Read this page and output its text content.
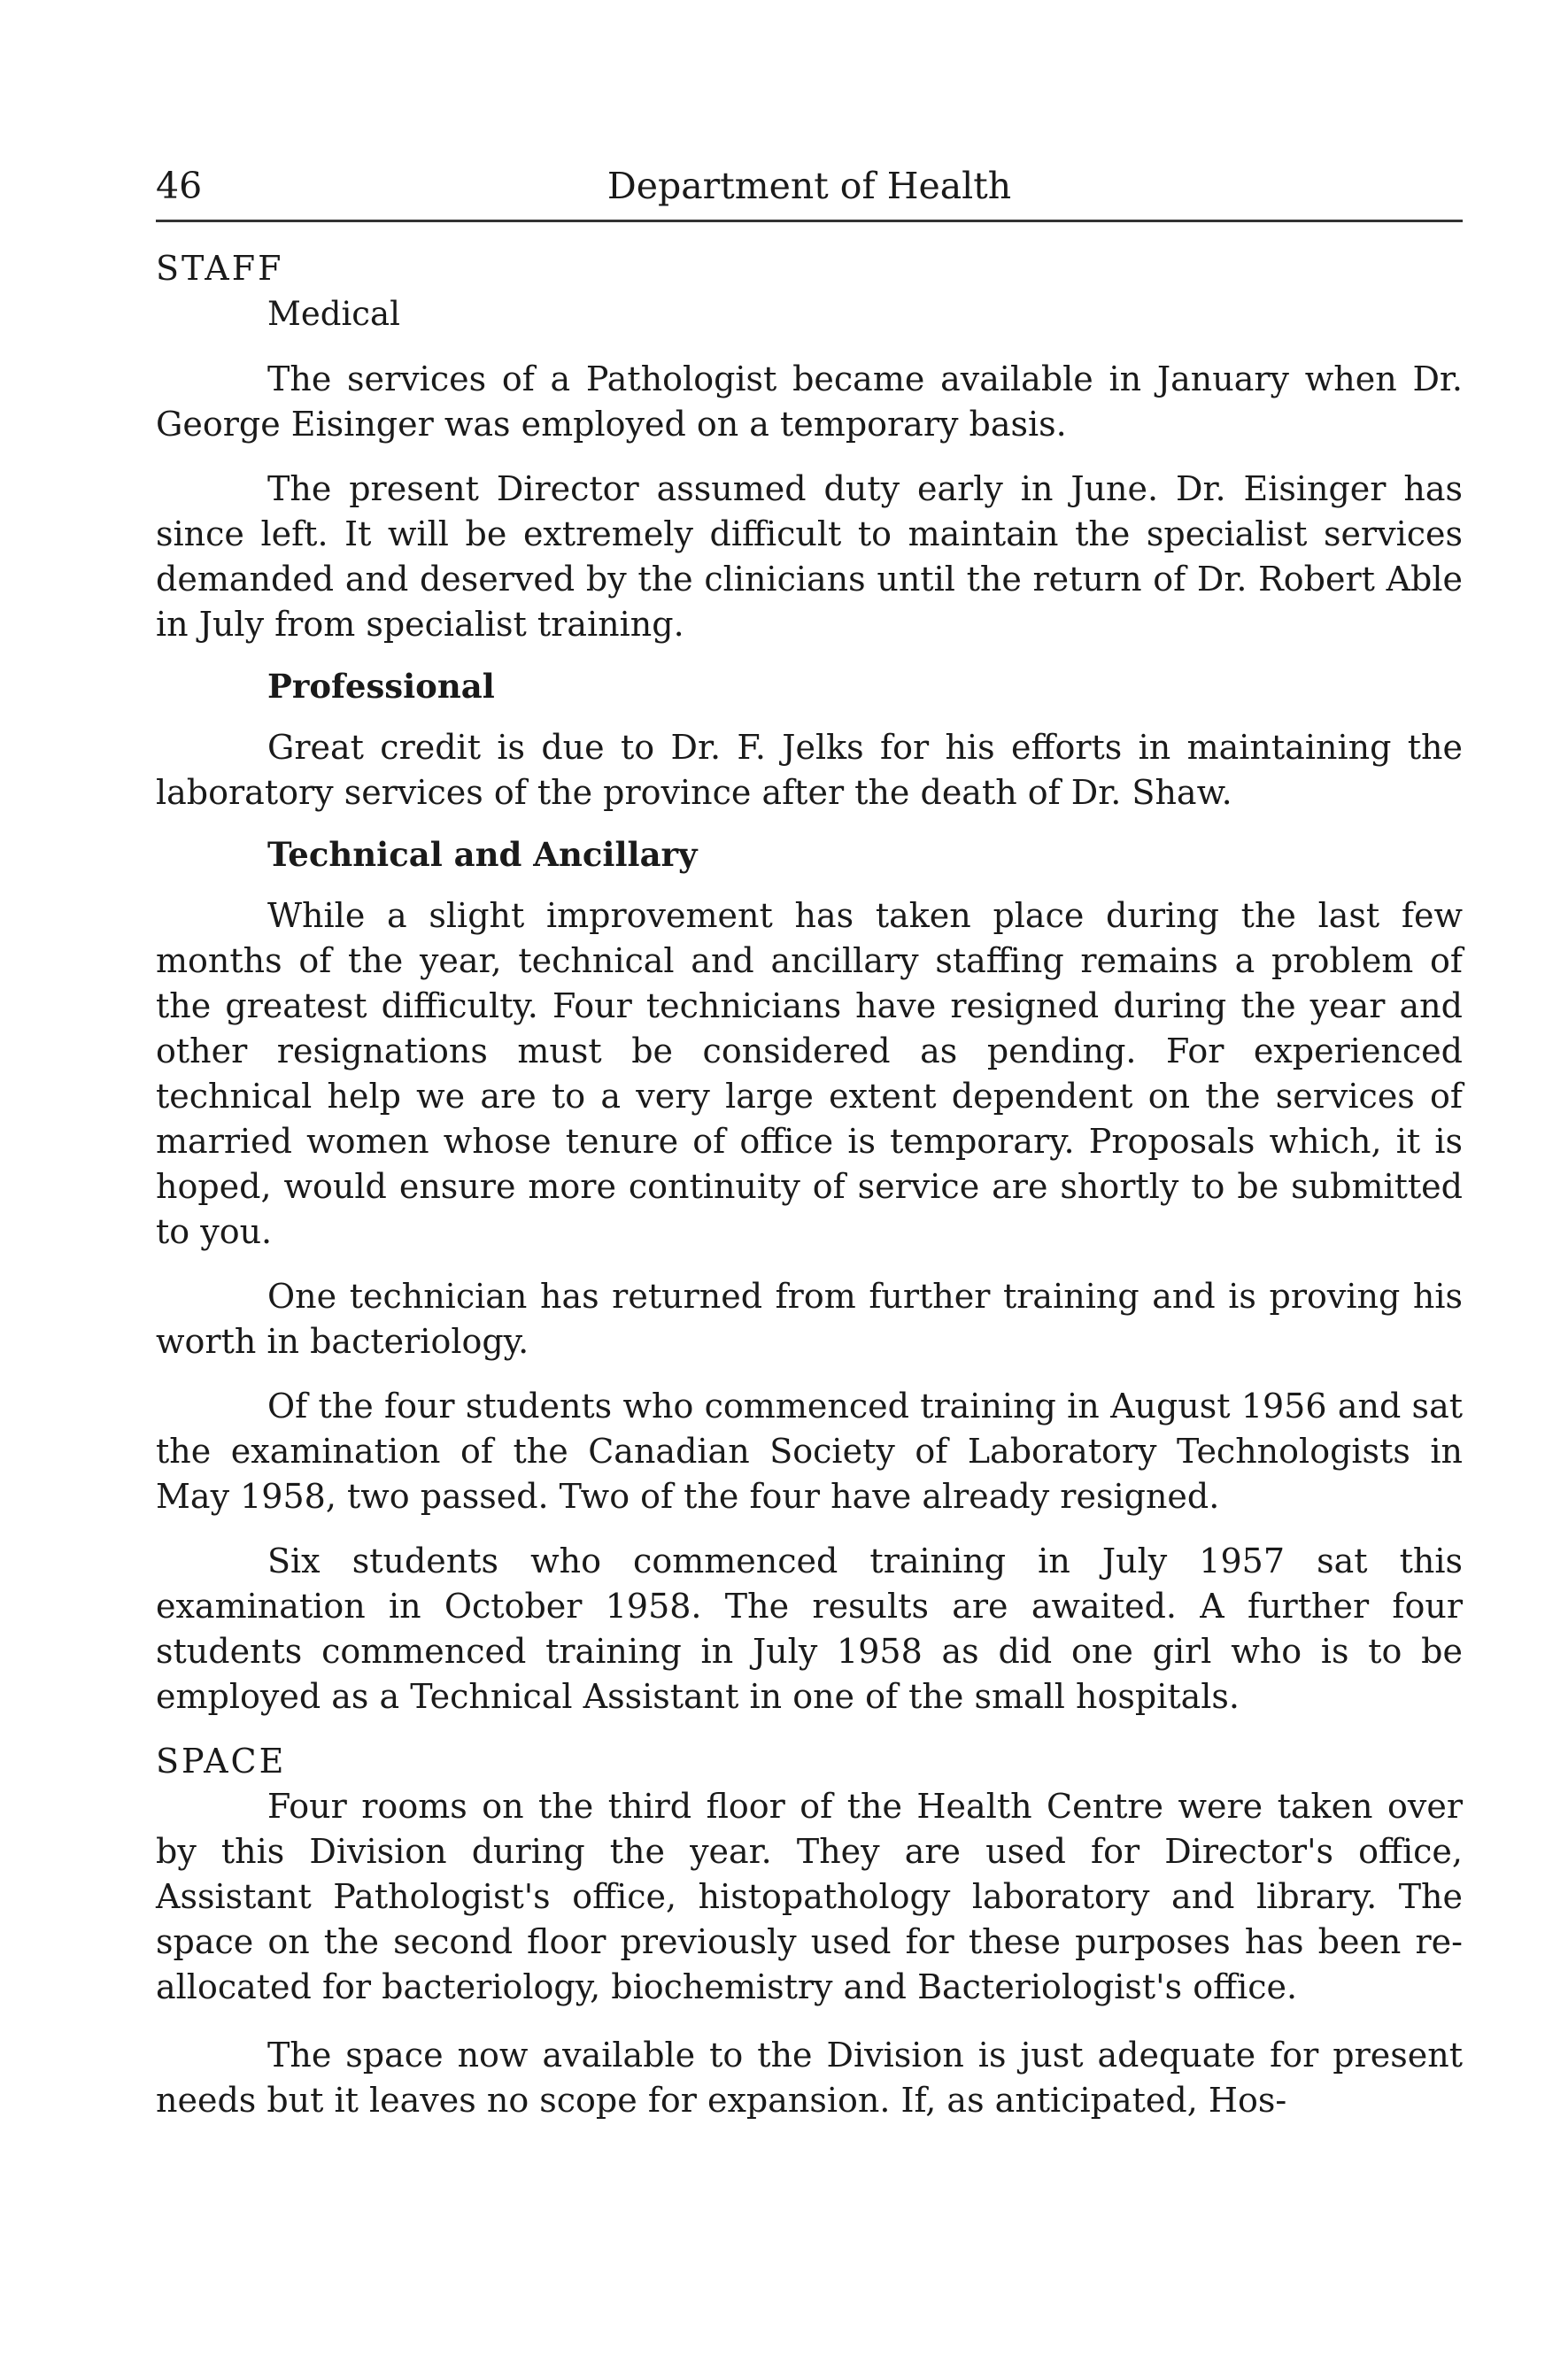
46	Department of Health
STAFF
Medical

The services of a Pathologist became available in January when Dr. George Eisinger was employed on a temporary basis.

The present Director assumed duty early in June. Dr. Eisinger has since left. It will be extremely difficult to maintain the specialist services demanded and deserved by the clinicians until the return of Dr. Robert Able in July from specialist training.

Professional

Great credit is due to Dr. F. Jelks for his efforts in maintaining the laboratory services of the province after the death of Dr. Shaw.

Technical and Ancillary

While a slight improvement has taken place during the last few months of the year, technical and ancillary staffing remains a problem of the greatest difficulty. Four technicians have resigned during the year and other resignations must be considered as pending. For experienced technical help we are to a very large extent dependent on the services of married women whose tenure of office is temporary. Proposals which, it is hoped, would ensure more continuity of service are shortly to be submitted to you.

One technician has returned from further training and is proving his worth in bacteriology.

Of the four students who commenced training in August 1956 and sat the examination of the Canadian Society of Laboratory Technologists in May 1958, two passed. Two of the four have already resigned.

Six students who commenced training in July 1957 sat this examination in October 1958. The results are awaited. A further four students commenced training in July 1958 as did one girl who is to be employed as a Technical Assistant in one of the small hospitals.

SPACE

Four rooms on the third floor of the Health Centre were taken over by this Division during the year. They are used for Director's office, Assistant Pathologist's office, histopathology laboratory and library. The space on the second floor previously used for these purposes has been re-allocated for bacteriology, biochemistry and Bacteriologist's office.

The space now available to the Division is just adequate for present needs but it leaves no scope for expansion. If, as anticipated, Hos-
